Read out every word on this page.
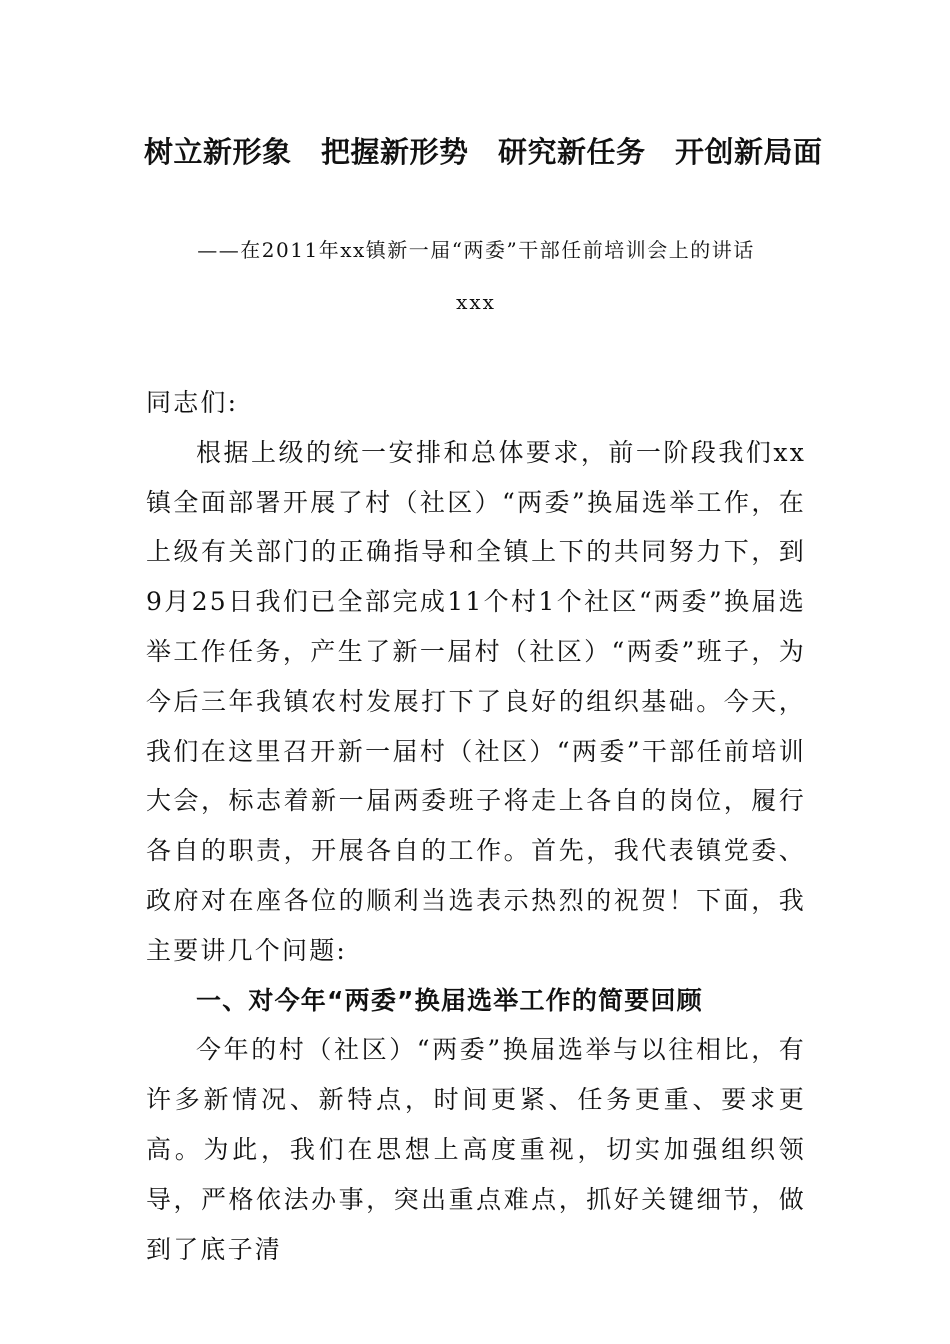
树立新形象　把握新形势　研究新任务　开创新局面
——在2011年xx镇新一届“两委”干部任前培训会上的讲话
xxx

同志们:

根据上级的统一安排和总体要求，前一阶段我们xx镇全面部署开展了村（社区）“两委”换届选举工作，在上级有关部门的正确指导和全镇上下的共同努力下，到9月25日我们已全部完成11个村1个社区“两委”换届选举工作任务，产生了新一届村（社区）“两委”班子，为今后三年我镇农村发展打下了良好的组织基础。今天，我们在这里召开新一届村（社区）“两委”干部任前培训大会，标志着新一届两委班子将走上各自的岗位，履行各自的职责，开展各自的工作。首先，我代表镇党委、政府对在座各位的顺利当选表示热烈的祝贺！下面，我主要讲几个问题:

一、对今年“两委”换届选举工作的简要回顾

今年的村（社区）“两委”换届选举与以往相比，有许多新情况、新特点，时间更紧、任务更重、要求更高。为此，我们在思想上高度重视，切实加强组织领导，严格依法办事，突出重点难点，抓好关键细节，做到了底子清
